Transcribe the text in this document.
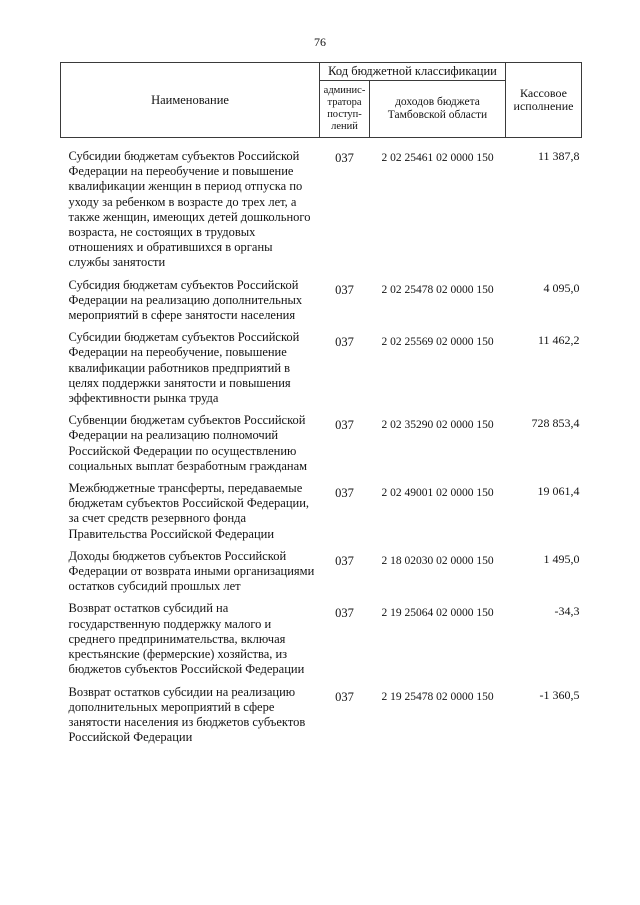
76
Наименование	Код бюджетной классификации		Кассовое исполнение
	админис-тратора поступ-лений	доходов бюджета Тамбовской области	
Субсидии бюджетам субъектов Российской Федерации на переобучение и повышение квалификации женщин в период отпуска по уходу за ребенком в возрасте до трех лет, а также женщин, имеющих детей дошкольного возраста, не состоящих в трудовых отношениях и обратившихся в органы службы занятости	037	2 02 25461 02 0000 150	11 387,8
Субсидия бюджетам субъектов Российской Федерации на реализацию дополнительных мероприятий в сфере занятости населения	037	2 02 25478 02 0000 150	4 095,0
Субсидии бюджетам субъектов Российской Федерации на переобучение, повышение квалификации работников предприятий в целях поддержки занятости и повышения эффективности рынка труда	037	2 02 25569 02 0000 150	11 462,2
Субвенции бюджетам субъектов Российской Федерации на реализацию полномочий Российской Федерации по осуществлению социальных выплат безработным гражданам	037	2 02 35290 02 0000 150	728 853,4
Межбюджетные трансферты, передаваемые бюджетам субъектов Российской Федерации, за счет средств резервного фонда Правительства Российской Федерации	037	2 02 49001 02 0000 150	19 061,4
Доходы бюджетов субъектов Российской Федерации от возврата иными организациями остатков субсидий прошлых лет	037	2 18 02030 02 0000 150	1 495,0
Возврат остатков субсидий на государственную поддержку малого и среднего предпринимательства, включая крестьянские (фермерские) хозяйства, из бюджетов субъектов Российской Федерации	037	2 19 25064 02 0000 150	-34,3
Возврат остатков субсидии на реализацию дополнительных мероприятий в сфере занятости населения из бюджетов субъектов Российской Федерации	037	2 19 25478 02 0000 150	-1 360,5
